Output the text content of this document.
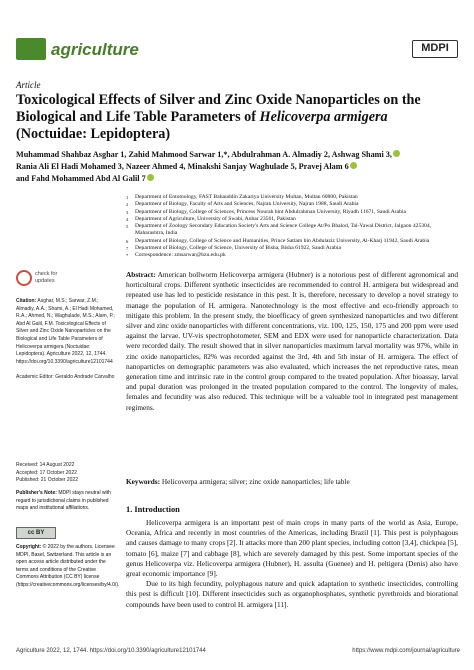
agriculture	MDPI
Article
Toxicological Effects of Silver and Zinc Oxide Nanoparticles on the Biological and Life Table Parameters of Helicoverpa armigera (Noctuidae: Lepidoptera)
Muhammad Shahbaz Asghar 1, Zahid Mahmood Sarwar 1,*, Abdulrahman A. Almadiy 2, Ashwag Shami 3,
Rania Ali El Hadi Mohamed 3, Nazeer Ahmed 4, Minakshi Sanjay Waghulade 5, Pravej Alam 6
and Fahd Mohammed Abd Al Galil 7
1	Department of Entomology, FAST Bahauddin Zakariya University Multan, Multan 60800, Pakistan
2	Department of Biology, Faculty of Arts and Sciences, Najran University, Najran 1988, Saudi Arabia
3	Department of Biology, College of Sciences, Princess Nourah bint Abdulrahman University, Riyadh 11671, Saudi Arabia
4	Department of Agriculture, University of Swabi, Anbar 23561, Pakistan
5	Department of Zoology Secondary Education Society's Arts and Science College At/Po Bhalod, Tal-Yawal District, Jalgaon 425304, Maharashtra, India
6	Department of Biology, College of Science and Humanities, Prince Sattam bin Abdulaziz University, Al-Kharj 11942, Saudi Arabia
7	Department of Biology, College of Science, University of Bisha, Bisha 61922, Saudi Arabia
*	Correspondence: zmsarwar@bzu.edu.pk
check for updates
Citation: Asghar, M.S.; Sarwar, Z.M.; Almadiy, A.A.; Shami, A.; El Hadi Mohamed, R.A.; Ahmed, N.; Waghulade, M.S.; Alam, P.; Abd Al Galil, F.M. Toxicological Effects of Silver and Zinc Oxide Nanoparticles on the Biological and Life Table Parameters of Helicoverpa armigera (Noctuidae: Lepidoptera). Agriculture 2022, 12, 1744. https://doi.org/10.3390/agriculture12101744

Academic Editor: Geraldo Andrade Carvalho
Received: 14 August 2022
Accepted: 17 October 2022
Published: 21 October 2022
Publisher's Note: MDPI stays neutral with regard to jurisdictional claims in published maps and institutional affiliations.
cc BY
Copyright: © 2022 by the authors. Licensee MDPI, Basel, Switzerland. This article is an open access article distributed under the terms and conditions of the Creative Commons Attribution (CC BY) license (https://creativecommons.org/licenses/by/4.0/).
Abstract: American bollworm Helicoverpa armigera (Hubner) is a notorious pest of different agronomical and horticultural crops. Different synthetic insecticides are recommended to control H. armigera but widespread and repeated use has led to pesticide resistance in this pest. It is, therefore, necessary to develop a novel strategy to manage the population of H. armigera. Nanotechnology is the most effective and eco-friendly approach to mitigate this problem. In the present study, the bioefficacy of green synthesized nanoparticles and two different silver and zinc oxide nanoparticles with different concentrations, viz. 100, 125, 150, 175 and 200 ppm were used against the larvae. UV-vis spectrophotometer, SEM and EDX were used for nanoparticle characterization. Data were recorded daily. The result showed that in silver nanoparticles maximum larval mortality was 97%, while in zinc oxide nanoparticles, 82% was recorded against the 3rd, 4th and 5th instar of H. armigera. The effect of nanoparticles on demographic parameters was also evaluated, which increases the net reproductive rates, mean generation time and intrinsic rate in the control group compared to the treated population. After bioassay, larval and pupal duration was prolonged in the treated population compared to the control. The longevity of males, females and fecundity was also reduced. This technique will be a valuable tool in integrated pest management regimens.
Keywords: Helicoverpa armigera; silver; zinc oxide nanoparticles; life table
1. Introduction

Helicoverpa armigera is an important pest of main crops in many parts of the world as Asia, Europe, Oceania, Africa and recently in most countries of the Americas, including Brazil [1]. This pest is polyphagous and causes damage to many crops [2]. It attacks more than 200 plant species, including cotton [3,4], chickpea [5], tomato [6], maize [7] and cabbage [8], which are severely damaged by this pest. Some important species of the genus Helicoverpa viz. Helicoverpa armigera (Hubner), H. assulta (Guenee) and H. peltigera (Denis) also have great economic importance [9].

Due to its high fecundity, polyphagous nature and quick adaptation to synthetic insecticides, controlling this pest is difficult [10]. Different insecticides such as organophosphates, synthetic pyrethroids and biorational compounds have been used to control H. armigera [11].

Agriculture 2022, 12, 1744. https://doi.org/10.3390/agriculture12101744	https://www.mdpi.com/journal/agriculture
